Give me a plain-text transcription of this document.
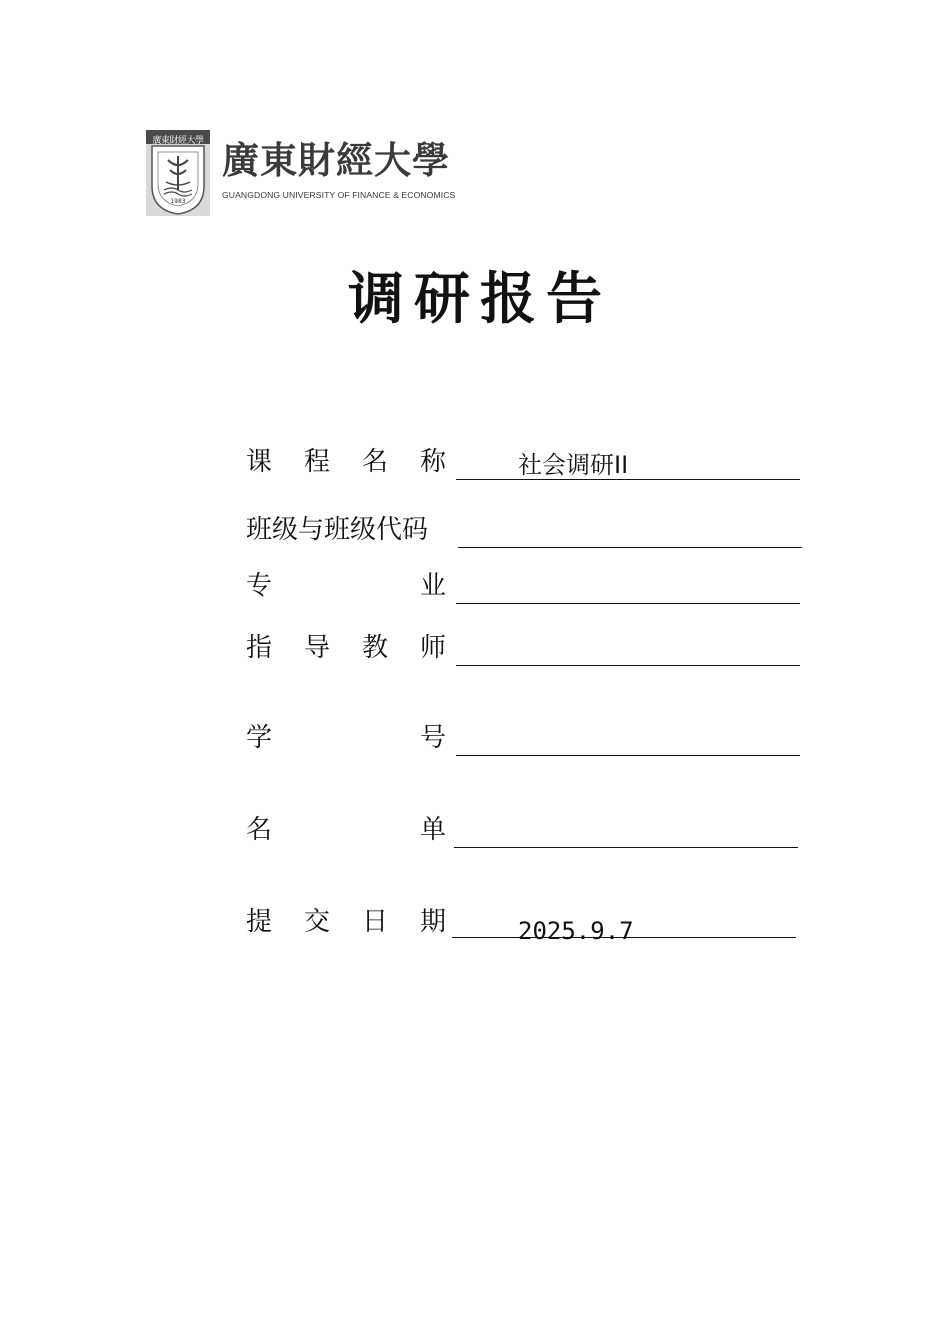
廣東財經大學
1983
廣東財經大學
GUANGDONG UNIVERSITY OF FINANCE & ECONOMICS
调研报告
课 程 名 称	社会调研II
班级与班级代码
专	业
指 导 教 师
学	号
名	单
提 交 日 期	2025.9.7
